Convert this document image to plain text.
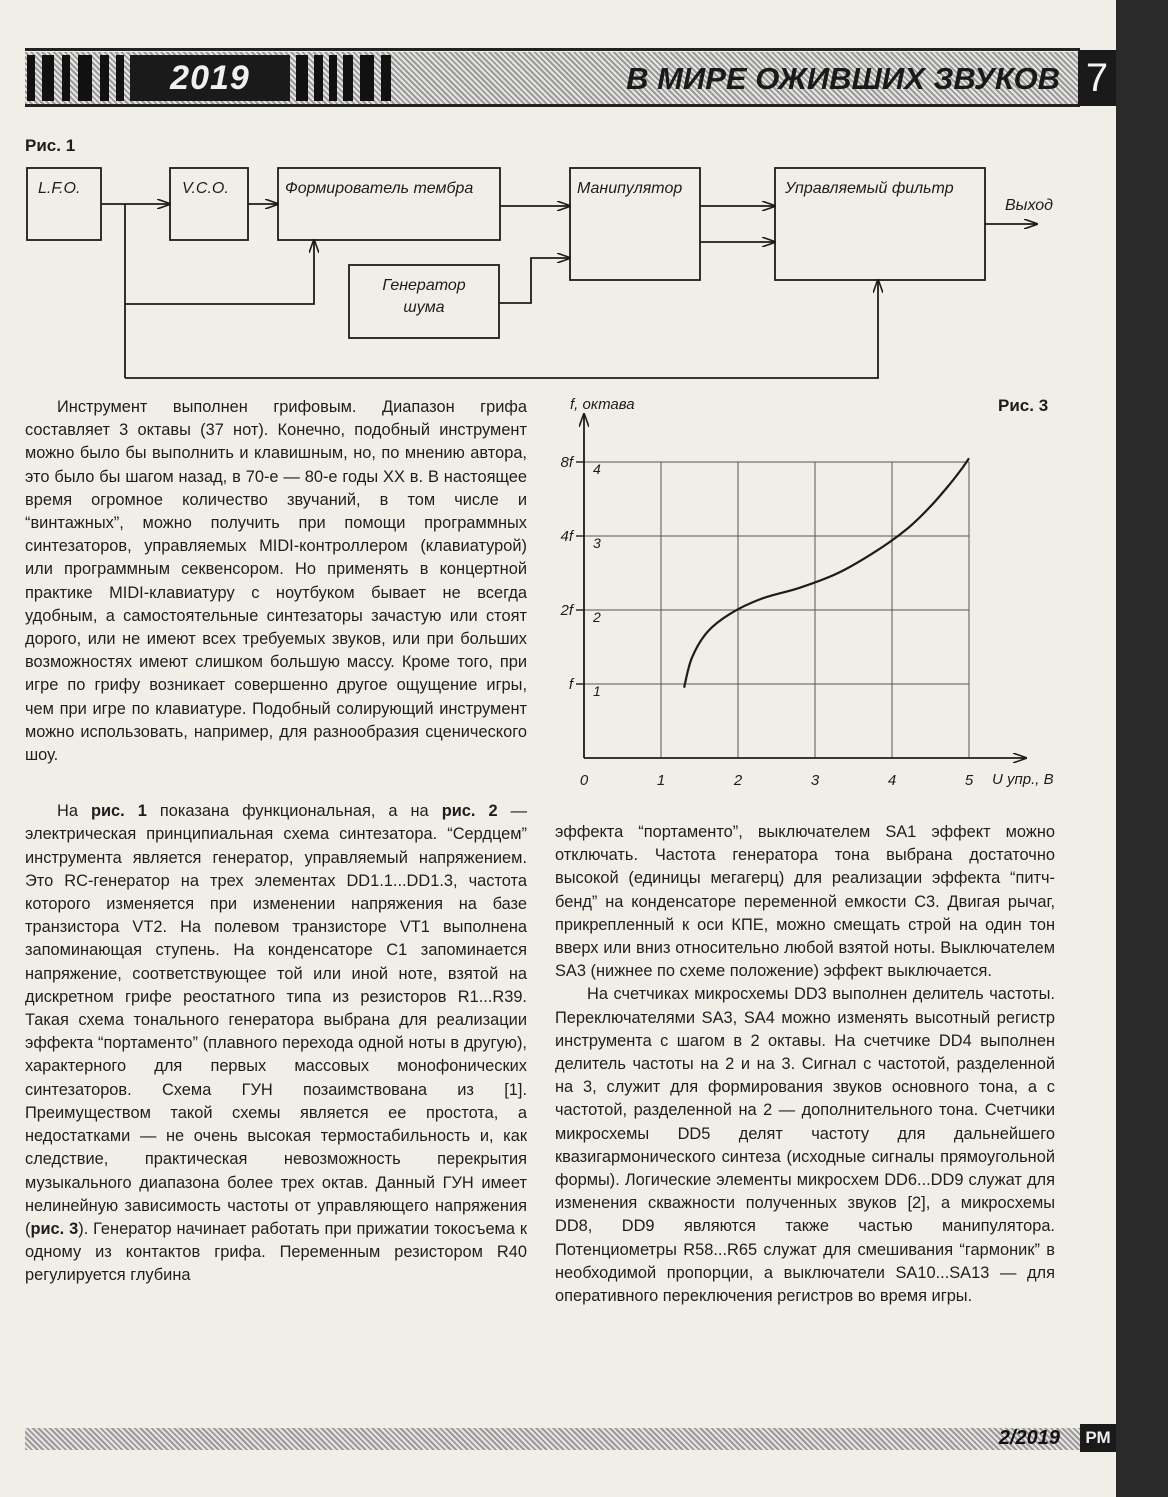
2019	В МИРЕ ОЖИВШИХ ЗВУКОВ 7
Рис. 1
L.F.O.	V.C.O.	Формирователь тембра	Манипулятор	Управляемый фильтр
Генератор
шума
Выход
Рис. 3
f, октава
U упр., В
0	1	2	3	4	5
f
2f
4f
8f
1
2
3
4

Инструмент выполнен грифовым. Диапазон грифа составляет 3 октавы (37 нот). Конечно, подобный инструмент можно было бы выполнить и клавишным, но, по мнению автора, это было бы шагом назад, в 70-е — 80-е годы XX в. В настоящее время огромное количество звучаний, в том числе и “винтажных”, можно получить при помощи программных синтезаторов, управляемых MIDI-контроллером (клавиатурой) или программным секвенсором. Но применять в концертной практике MIDI-клавиатуру с ноутбуком бывает не всегда удобным, а самостоятельные синтезаторы зачастую или стоят дорого, или не имеют всех требуемых звуков, или при больших возможностях имеют слишком большую массу. Кроме того, при игре по грифу возникает совершенно другое ощущение игры, чем при игре по клавиатуре. Подобный солирующий инструмент можно использовать, например, для разнообразия сценического шоу.

На рис. 1 показана функциональная, а на рис. 2 — электрическая принципиальная схема синтезатора. “Сердцем” инструмента является генератор, управляемый напряжением. Это RC-генератор на трех элементах DD1.1...DD1.3, частота которого изменяется при изменении напряжения на базе транзистора VT2. На полевом транзисторе VT1 выполнена запоминающая ступень. На конденсаторе C1 запоминается напряжение, соответствующее той или иной ноте, взятой на дискретном грифе реостатного типа из резисторов R1...R39. Такая схема тонального генератора выбрана для реализации эффекта “портаменто” (плавного перехода одной ноты в другую), характерного для первых массовых монофонических синтезаторов. Схема ГУН позаимствована из [1]. Преимуществом такой схемы является ее простота, а недостатками — не очень высокая термостабильность и, как следствие, практическая невозможность перекрытия музыкального диапазона более трех октав. Данный ГУН имеет нелинейную зависимость частоты от управляющего напряжения (рис. 3). Генератор начинает работать при прижатии токосъема к одному из контактов грифа. Переменным резистором R40 регулируется глубина

эффекта “портаменто”, выключателем SA1 эффект можно отключать. Частота генератора тона выбрана достаточно высокой (единицы мегагерц) для реализации эффекта “питч-бенд” на конденсаторе переменной емкости C3. Двигая рычаг, прикрепленный к оси КПЕ, можно смещать строй на один тон вверх или вниз относительно любой взятой ноты. Выключателем SA3 (нижнее по схеме положение) эффект выключается.

На счетчиках микросхемы DD3 выполнен делитель частоты. Переключателями SA3, SA4 можно изменять высотный регистр инструмента с шагом в 2 октавы. На счетчике DD4 выполнен делитель частоты на 2 и на 3. Сигнал с частотой, разделенной на 3, служит для формирования звуков основного тона, а с частотой, разделенной на 2 — дополнительного тона. Счетчики микросхемы DD5 делят частоту для дальнейшего квазигармонического синтеза (исходные сигналы прямоугольной формы). Логические элементы микросхем DD6...DD9 служат для изменения скважности полученных звуков [2], а микросхемы DD8, DD9 являются также частью манипулятора. Потенциометры R58...R65 служат для смешивания “гармоник” в необходимой пропорции, а выключатели SA10...SA13 — для оперативного переключения регистров во время игры.

2/2019	РМ
